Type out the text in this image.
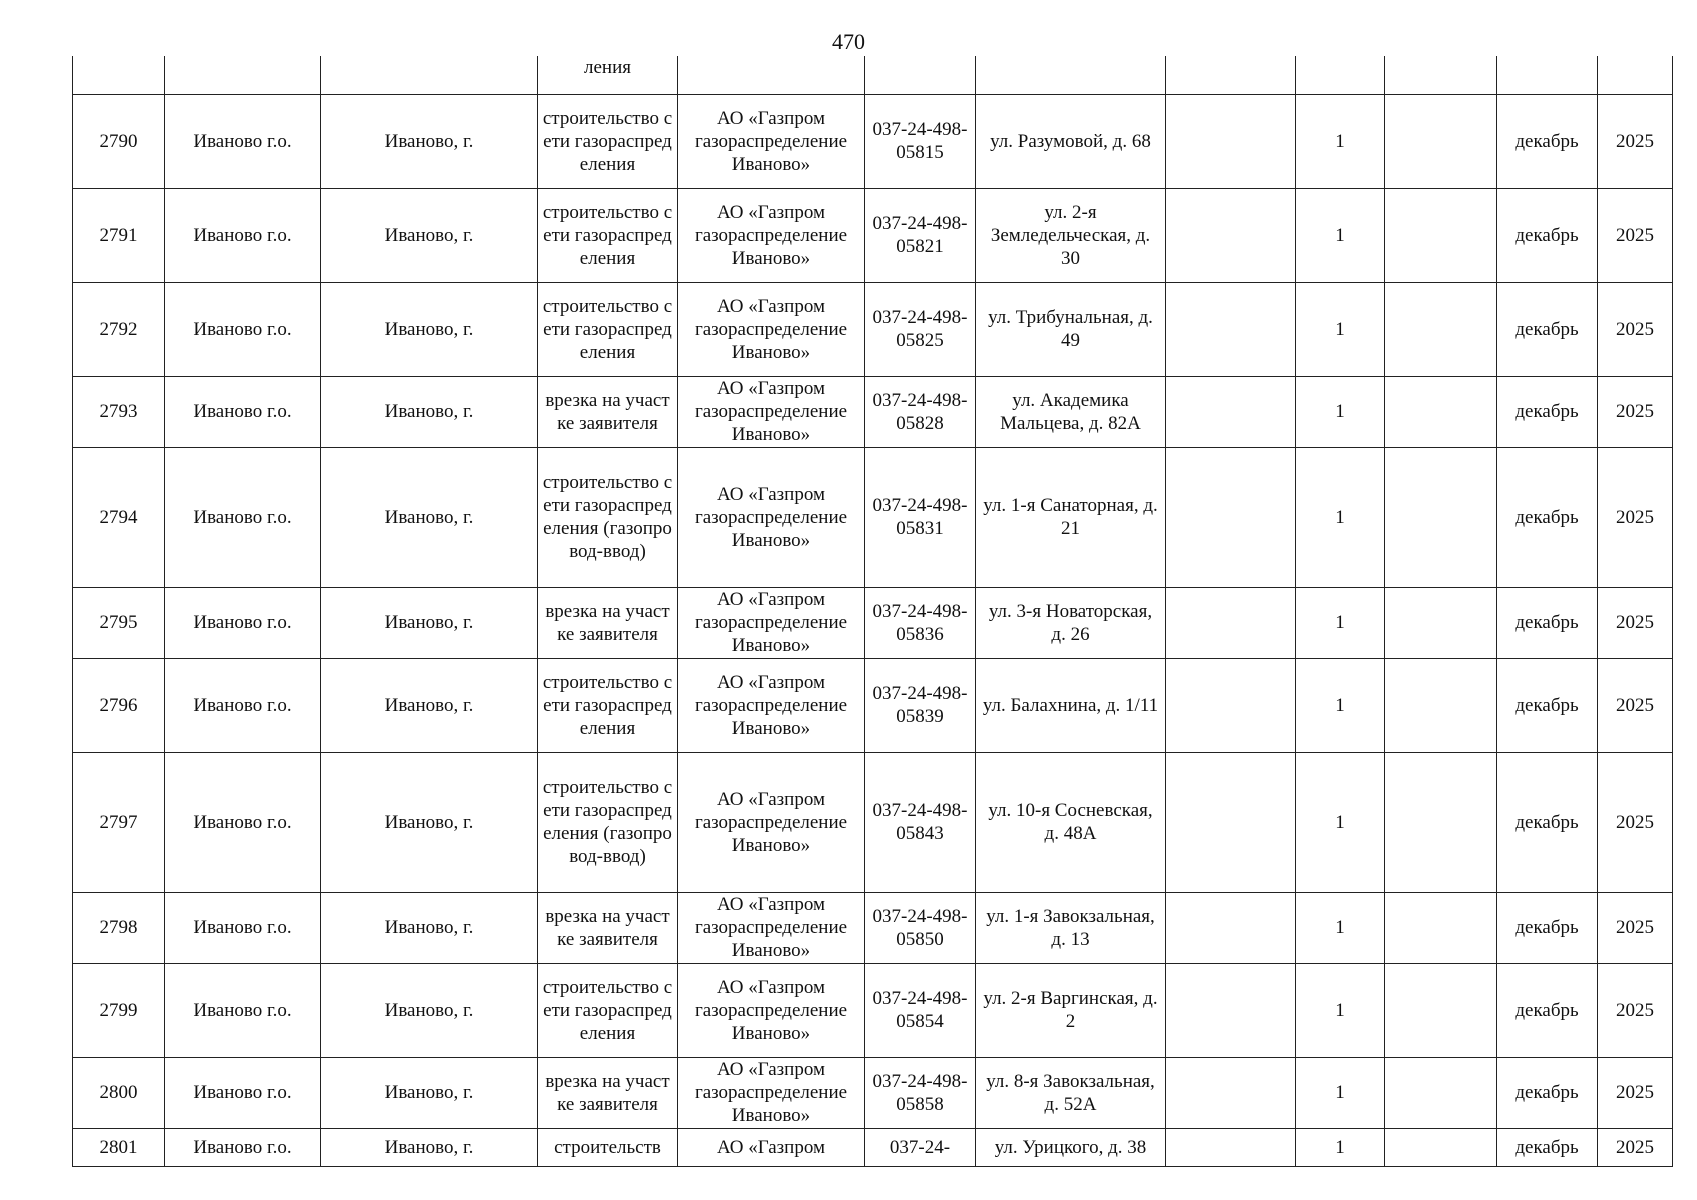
470
			ления								
2790	Иваново г.о.	Иваново, г.	строительство сети газораспределения	АО «Газпром газораспределение Иваново»	037-24-498-05815	ул. Разумовой, д. 68		1		декабрь	2025
2791	Иваново г.о.	Иваново, г.	строительство сети газораспределения	АО «Газпром газораспределение Иваново»	037-24-498-05821	ул. 2-я Земледельческая, д. 30		1		декабрь	2025
2792	Иваново г.о.	Иваново, г.	строительство сети газораспределения	АО «Газпром газораспределение Иваново»	037-24-498-05825	ул. Трибунальная, д. 49		1		декабрь	2025
2793	Иваново г.о.	Иваново, г.	врезка на участке заявителя	АО «Газпром газораспределение Иваново»	037-24-498-05828	ул. Академика Мальцева, д. 82А		1		декабрь	2025
2794	Иваново г.о.	Иваново, г.	строительство сети газораспределения (газопровод-ввод)	АО «Газпром газораспределение Иваново»	037-24-498-05831	ул. 1-я Санаторная, д. 21		1		декабрь	2025
2795	Иваново г.о.	Иваново, г.	врезка на участке заявителя	АО «Газпром газораспределение Иваново»	037-24-498-05836	ул. 3-я Новаторская, д. 26		1		декабрь	2025
2796	Иваново г.о.	Иваново, г.	строительство сети газораспределения	АО «Газпром газораспределение Иваново»	037-24-498-05839	ул. Балахнина, д. 1/11		1		декабрь	2025
2797	Иваново г.о.	Иваново, г.	строительство сети газораспределения (газопровод-ввод)	АО «Газпром газораспределение Иваново»	037-24-498-05843	ул. 10-я Сосневская, д. 48А		1		декабрь	2025
2798	Иваново г.о.	Иваново, г.	врезка на участке заявителя	АО «Газпром газораспределение Иваново»	037-24-498-05850	ул. 1-я Завокзальная, д. 13		1		декабрь	2025
2799	Иваново г.о.	Иваново, г.	строительство сети газораспределения	АО «Газпром газораспределение Иваново»	037-24-498-05854	ул. 2-я Варгинская, д. 2		1		декабрь	2025
2800	Иваново г.о.	Иваново, г.	врезка на участке заявителя	АО «Газпром газораспределение Иваново»	037-24-498-05858	ул. 8-я Завокзальная, д. 52А		1		декабрь	2025
2801	Иваново г.о.	Иваново, г.	строительств	АО «Газпром	037-24-	ул. Урицкого, д. 38		1		декабрь	2025
